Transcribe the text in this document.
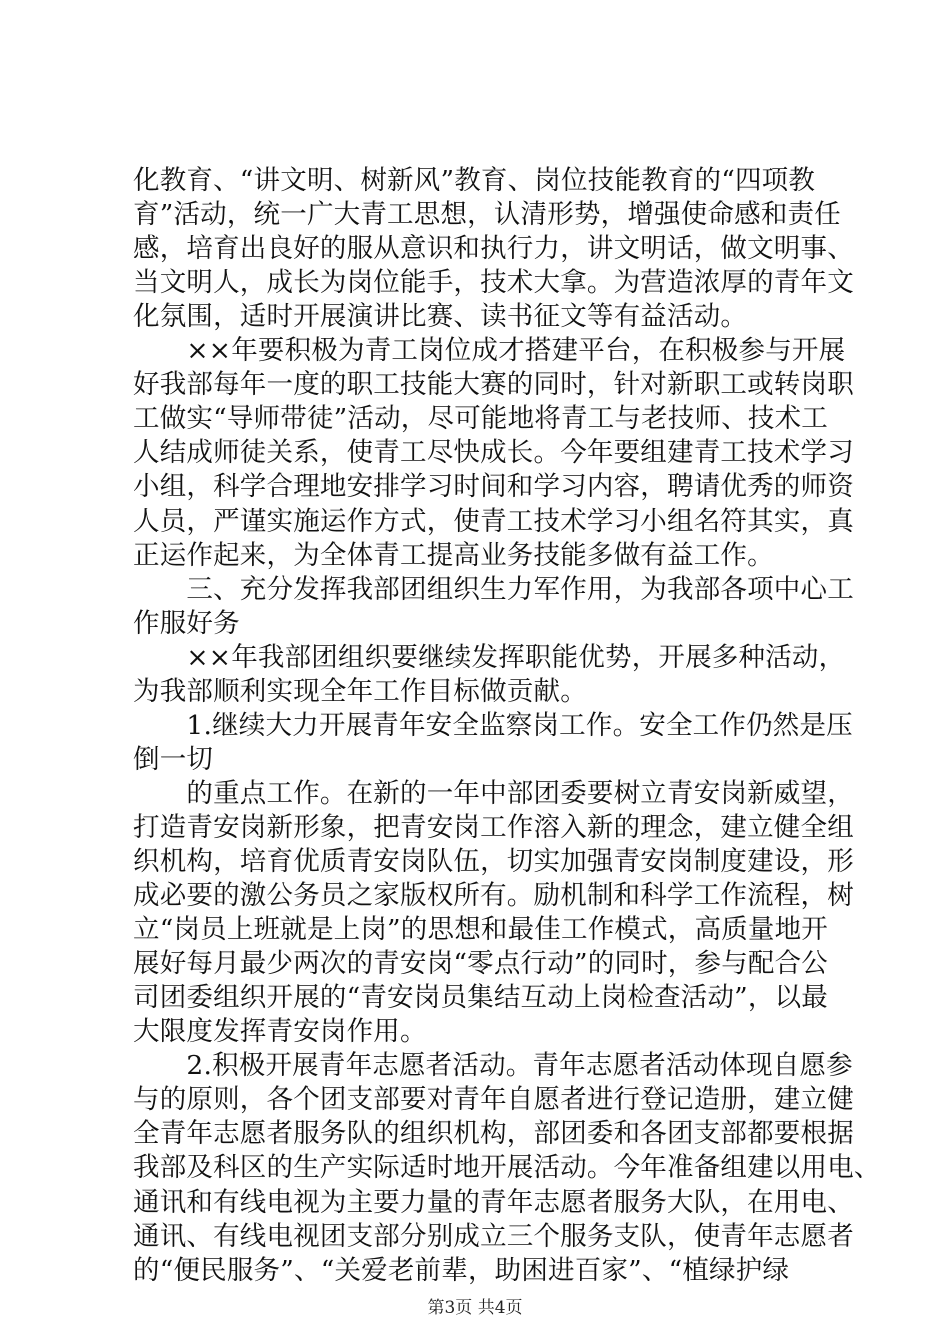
化教育、“讲文明、树新风”教育、岗位技能教育的“四项教
育”活动，统一广大青工思想，认清形势，增强使命感和责任
感，培育出良好的服从意识和执行力，讲文明话，做文明事、
当文明人，成长为岗位能手，技术大拿。为营造浓厚的青年文
化氛围，适时开展演讲比赛、读书征文等有益活动。
　　××年要积极为青工岗位成才搭建平台，在积极参与开展
好我部每年一度的职工技能大赛的同时，针对新职工或转岗职
工做实“导师带徒”活动，尽可能地将青工与老技师、技术工
人结成师徒关系，使青工尽快成长。今年要组建青工技术学习
小组，科学合理地安排学习时间和学习内容，聘请优秀的师资
人员，严谨实施运作方式，使青工技术学习小组名符其实，真
正运作起来，为全体青工提高业务技能多做有益工作。
　　三、充分发挥我部团组织生力军作用，为我部各项中心工
作服好务
　　××年我部团组织要继续发挥职能优势，开展多种活动，
为我部顺利实现全年工作目标做贡献。
　　1.继续大力开展青年安全监察岗工作。安全工作仍然是压
倒一切
　　的重点工作。在新的一年中部团委要树立青安岗新威望，
打造青安岗新形象，把青安岗工作溶入新的理念，建立健全组
织机构，培育优质青安岗队伍，切实加强青安岗制度建设，形
成必要的激公务员之家版权所有。励机制和科学工作流程，树
立“岗员上班就是上岗”的思想和最佳工作模式，高质量地开
展好每月最少两次的青安岗“零点行动”的同时，参与配合公
司团委组织开展的“青安岗员集结互动上岗检查活动”，以最
大限度发挥青安岗作用。
　　2.积极开展青年志愿者活动。青年志愿者活动体现自愿参
与的原则，各个团支部要对青年自愿者进行登记造册，建立健
全青年志愿者服务队的组织机构，部团委和各团支部都要根据
我部及科区的生产实际适时地开展活动。今年准备组建以用电、
通讯和有线电视为主要力量的青年志愿者服务大队，在用电、
通讯、有线电视团支部分别成立三个服务支队，使青年志愿者
的“便民服务”、“关爱老前辈，助困进百家”、“植绿护绿
第3页 共4页
